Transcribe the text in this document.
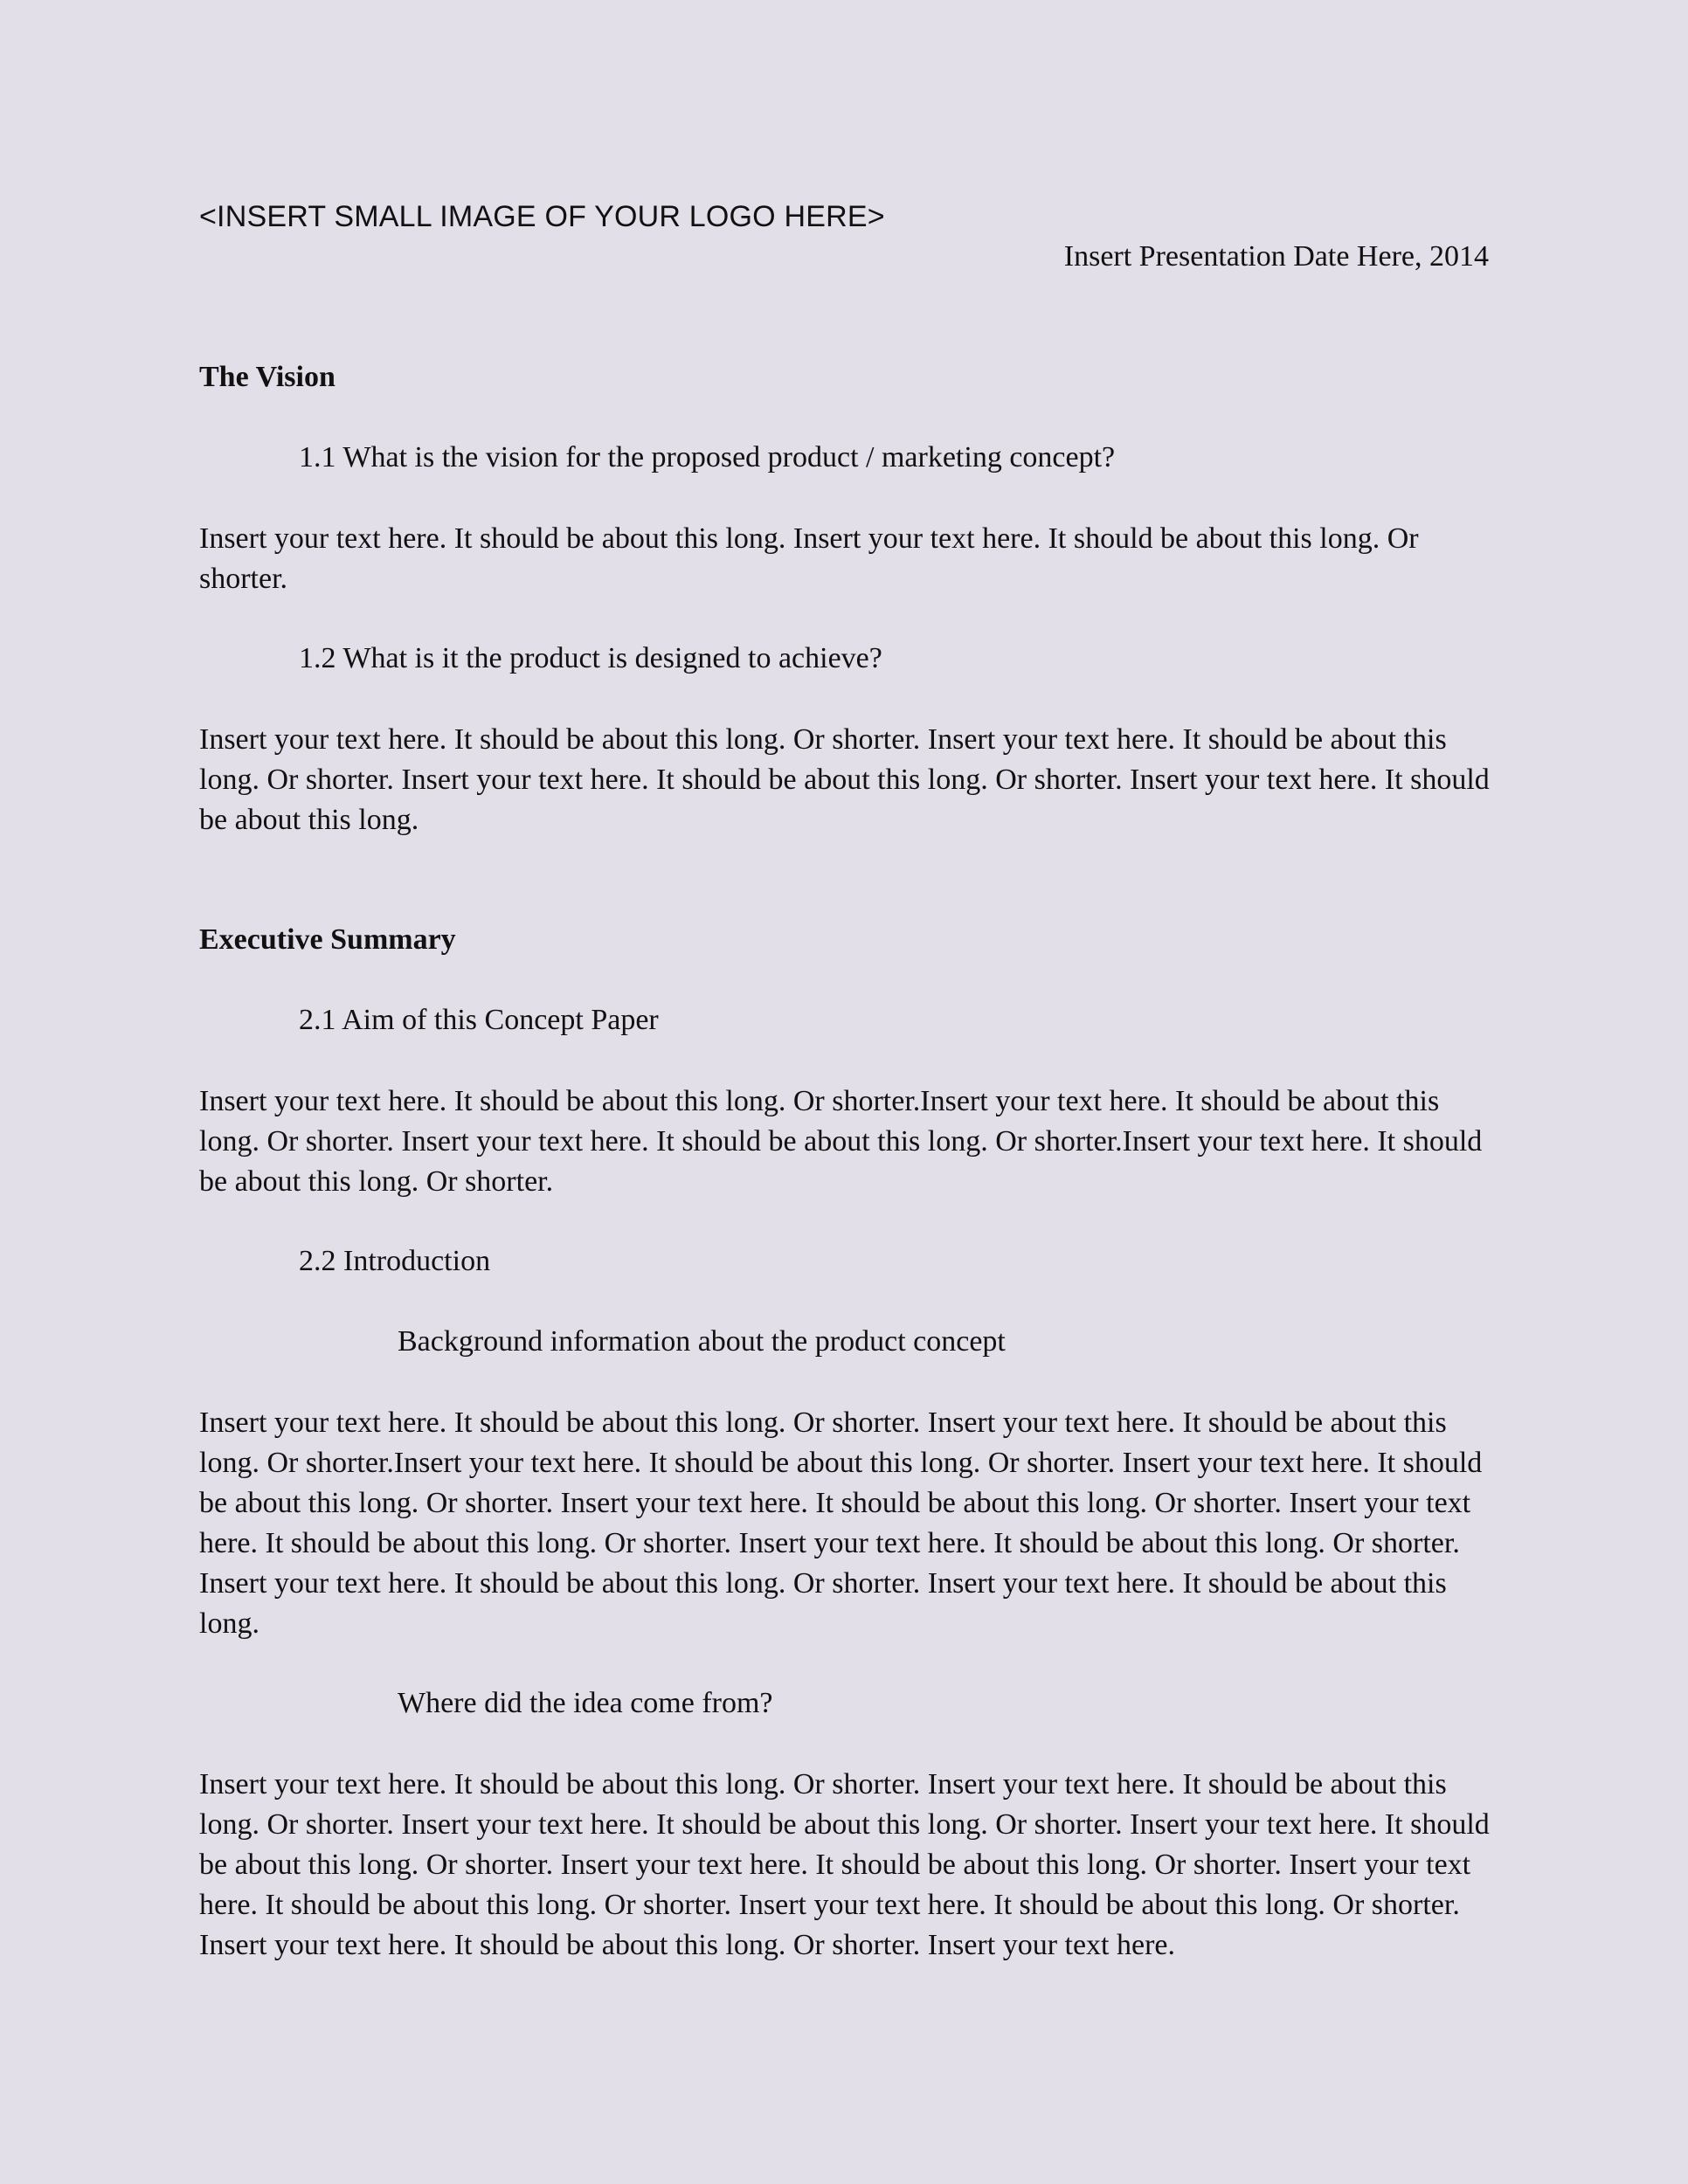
<INSERT SMALL IMAGE OF YOUR LOGO HERE>

Insert Presentation Date Here, 2014

The Vision

1.1 What is the vision for the proposed product / marketing concept?

Insert your text here. It should be about this long. Insert your text here. It should be about this long. Or shorter.

1.2 What is it the product is designed to achieve?

Insert your text here. It should be about this long. Or shorter. Insert your text here. It should be about this long. Or shorter. Insert your text here. It should be about this long. Or shorter. Insert your text here. It should be about this long.

Executive Summary

2.1 Aim of this Concept Paper

Insert your text here. It should be about this long. Or shorter.Insert your text here. It should be about this long. Or shorter. Insert your text here. It should be about this long. Or shorter.Insert your text here. It should be about this long. Or shorter.

2.2 Introduction

Background information about the product concept

Insert your text here. It should be about this long. Or shorter. Insert your text here. It should be about this long. Or shorter.Insert your text here. It should be about this long. Or shorter. Insert your text here. It should be about this long. Or shorter. Insert your text here. It should be about this long. Or shorter. Insert your text here. It should be about this long. Or shorter. Insert your text here. It should be about this long. Or shorter. Insert your text here. It should be about this long. Or shorter. Insert your text here. It should be about this long.

Where did the idea come from?

Insert your text here. It should be about this long. Or shorter. Insert your text here. It should be about this long. Or shorter. Insert your text here. It should be about this long. Or shorter. Insert your text here. It should be about this long. Or shorter. Insert your text here. It should be about this long. Or shorter. Insert your text here. It should be about this long. Or shorter. Insert your text here. It should be about this long. Or shorter. Insert your text here. It should be about this long. Or shorter. Insert your text here.
